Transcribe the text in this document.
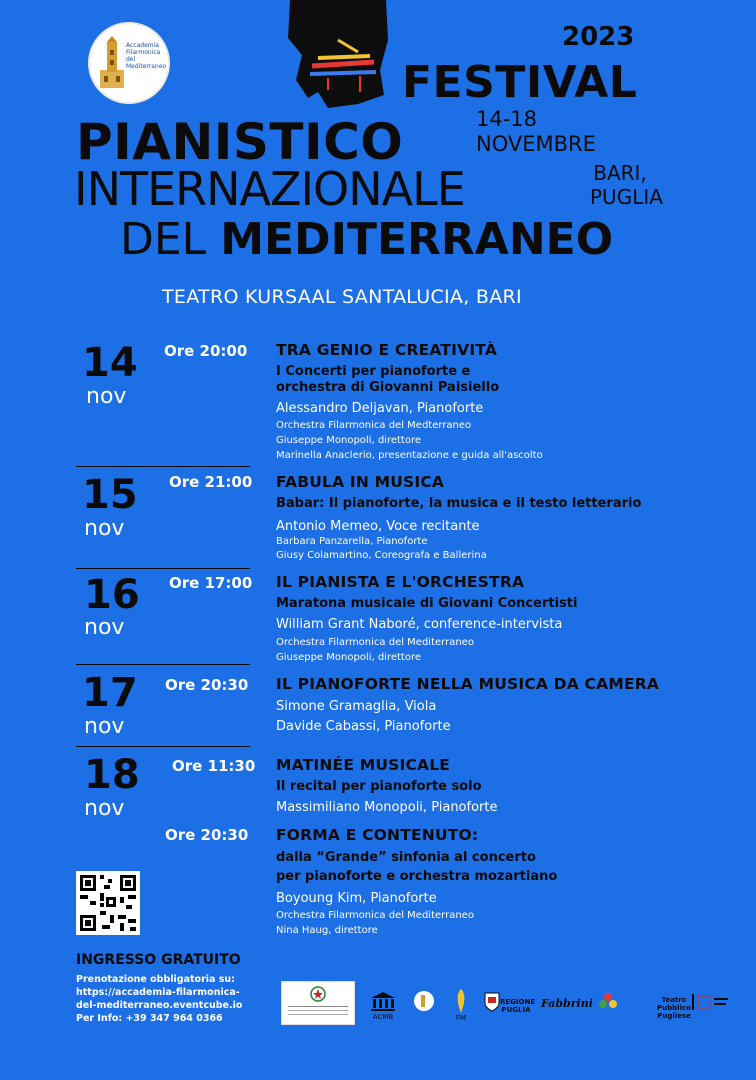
Accademia
Filarmonica
del
Mediterraneo
2023
FESTIVAL
PIANISTICO
INTERNAZIONALE
DEL MEDITERRANEO
14-18
NOVEMBRE
BARI,
PUGLIA
TEATRO KURSAAL SANTALUCIA, BARI
14
nov
Ore 20:00 TRA GENIO E CREATIVITÀ
I Concerti per pianoforte e
orchestra di Giovanni Paisiello
Alessandro Deljavan, Pianoforte
Orchestra Filarmonica del Medterraneo
Giuseppe Monopoli, direttore
Marinella Anaclerio, presentazione e guida all'ascolto
15
nov
Ore 21:00 FABULA IN MUSICA
Babar: Il pianoforte, la musica e il testo letterario
Antonio Memeo, Voce recitante
Barbara Panzarella, Pianoforte
Giusy Colamartino, Coreografa e Ballerina
16
nov
Ore 17:00 IL PIANISTA E L'ORCHESTRA
Maratona musicale di Giovani Concertisti
William Grant Naboré, conference-intervista
Orchestra Filarmonica del Mediterraneo
Giuseppe Monopoli, direttore
17
nov
Ore 20:30 IL PIANOFORTE NELLA MUSICA DA CAMERA
Simone Gramaglia, Viola
Davide Cabassi, Pianoforte
18
nov
Ore 11:30 MATINÉE MUSICALE
Il recital per pianoforte solo
Massimiliano Monopoli, Pianoforte
Ore 20:30 FORMA E CONTENUTO:
dalla “Grande” sinfonia al concerto
per pianoforte e orchestra mozartiano
Boyoung Kim, Pianoforte
Orchestra Filarmonica del Mediterraneo
Nina Haug, direttore
INGRESSO GRATUITO
Prenotazione obbligatoria su:
https://accademia-filarmonica-
del-mediterraneo.eventcube.io
Per Info: +39 347 964 0366	ACMB	FM
REGIONE PUGLIA Fabbrini	Teatro Pubblico Pugliese
